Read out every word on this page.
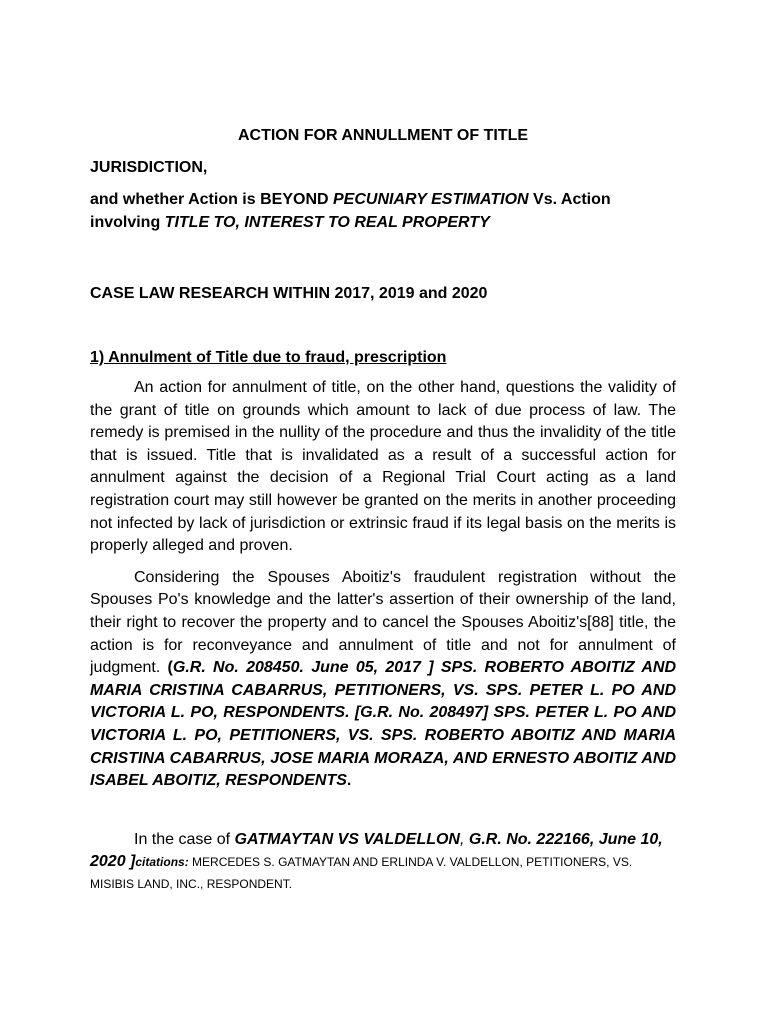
ACTION FOR ANNULLMENT OF TITLE

JURISDICTION,

and whether Action is BEYOND PECUNIARY ESTIMATION Vs. Action involving TITLE TO, INTEREST TO REAL PROPERTY

CASE LAW RESEARCH WITHIN 2017, 2019 and 2020

1) Annulment of Title due to fraud, prescription

An action for annulment of title, on the other hand, questions the validity of the grant of title on grounds which amount to lack of due process of law. The remedy is premised in the nullity of the procedure and thus the invalidity of the title that is issued. Title that is invalidated as a result of a successful action for annulment against the decision of a Regional Trial Court acting as a land registration court may still however be granted on the merits in another proceeding not infected by lack of jurisdiction or extrinsic fraud if its legal basis on the merits is properly alleged and proven.

Considering the Spouses Aboitiz's fraudulent registration without the Spouses Po's knowledge and the latter's assertion of their ownership of the land, their right to recover the property and to cancel the Spouses Aboitiz's[88] title, the action is for reconveyance and annulment of title and not for annulment of judgment. (G.R. No. 208450. June 05, 2017 ] SPS. ROBERTO ABOITIZ AND MARIA CRISTINA CABARRUS, PETITIONERS, VS. SPS. PETER L. PO AND VICTORIA L. PO, RESPONDENTS. [G.R. No. 208497] SPS. PETER L. PO AND VICTORIA L. PO, PETITIONERS, VS. SPS. ROBERTO ABOITIZ AND MARIA CRISTINA CABARRUS, JOSE MARIA MORAZA, AND ERNESTO ABOITIZ AND ISABEL ABOITIZ, RESPONDENTS.

In the case of GATMAYTAN VS VALDELLON, G.R. No. 222166, June 10, 2020 ]citations: MERCEDES S. GATMAYTAN AND ERLINDA V. VALDELLON, PETITIONERS, VS. MISIBIS LAND, INC., RESPONDENT.
